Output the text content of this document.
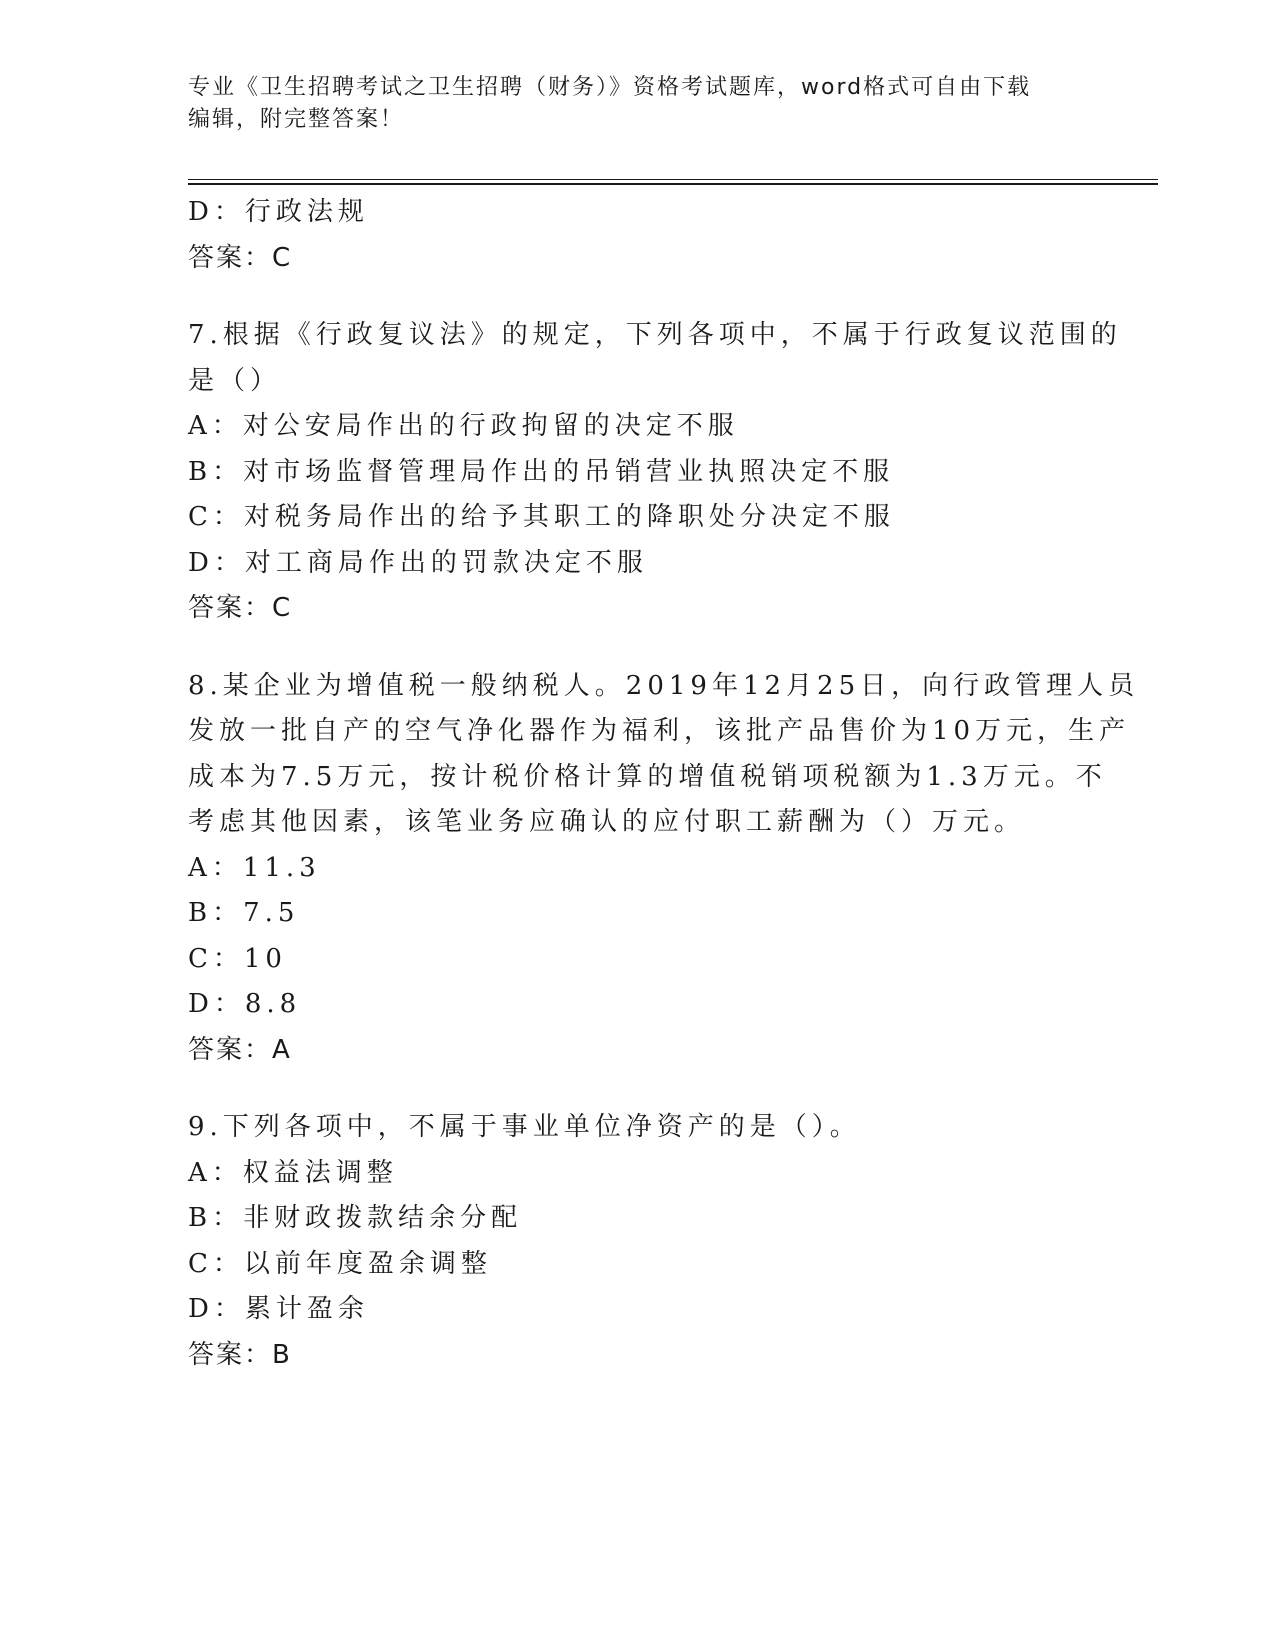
专业《卫生招聘考试之卫生招聘（财务）》资格考试题库，word格式可自由下载
编辑，附完整答案！
D：行政法规
答案：C
7.根据《行政复议法》的规定，下列各项中，不属于行政复议范围的
是（）
A：对公安局作出的行政拘留的决定不服
B：对市场监督管理局作出的吊销营业执照决定不服
C：对税务局作出的给予其职工的降职处分决定不服
D：对工商局作出的罚款决定不服
答案：C
8.某企业为增值税一般纳税人。2019年12月25日，向行政管理人员
发放一批自产的空气净化器作为福利，该批产品售价为10万元，生产
成本为7.5万元，按计税价格计算的增值税销项税额为1.3万元。不
考虑其他因素，该笔业务应确认的应付职工薪酬为（）万元。
A：11.3
B：7.5
C：10
D：8.8
答案：A
9.下列各项中，不属于事业单位净资产的是（）。
A：权益法调整
B：非财政拨款结余分配
C：以前年度盈余调整
D：累计盈余
答案：B
